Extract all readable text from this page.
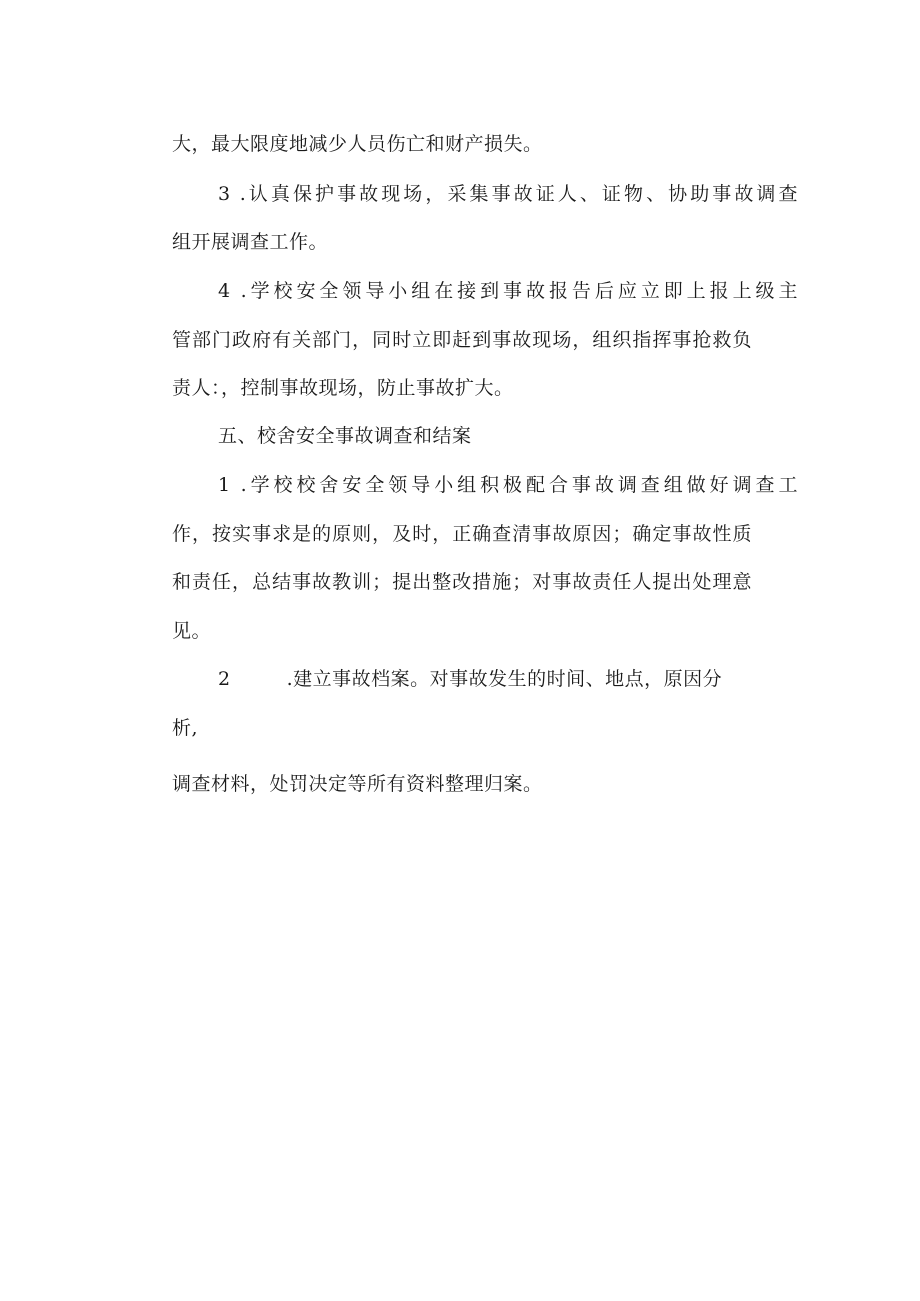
大，最大限度地减少人员伤亡和财产损失。

3 .认真保护事故现场，采集事故证人、证物、协助事故调查

组开展调查工作。

4 .学校安全领导小组在接到事故报告后应立即上报上级主

管部门政府有关部门，同时立即赶到事故现场，组织指挥事抢救负

责人：，控制事故现场，防止事故扩大。

五、校舍安全事故调查和结案

1 .学校校舍安全领导小组积极配合事故调查组做好调查工

作，按实事求是的原则，及时，正确查清事故原因；确定事故性质

和责任，总结事故教训；提出整改措施；对事故责任人提出处理意

见。

2	.建立事故档案。对事故发生的时间、地点，原因分

析,

调查材料，处罚决定等所有资料整理归案。
